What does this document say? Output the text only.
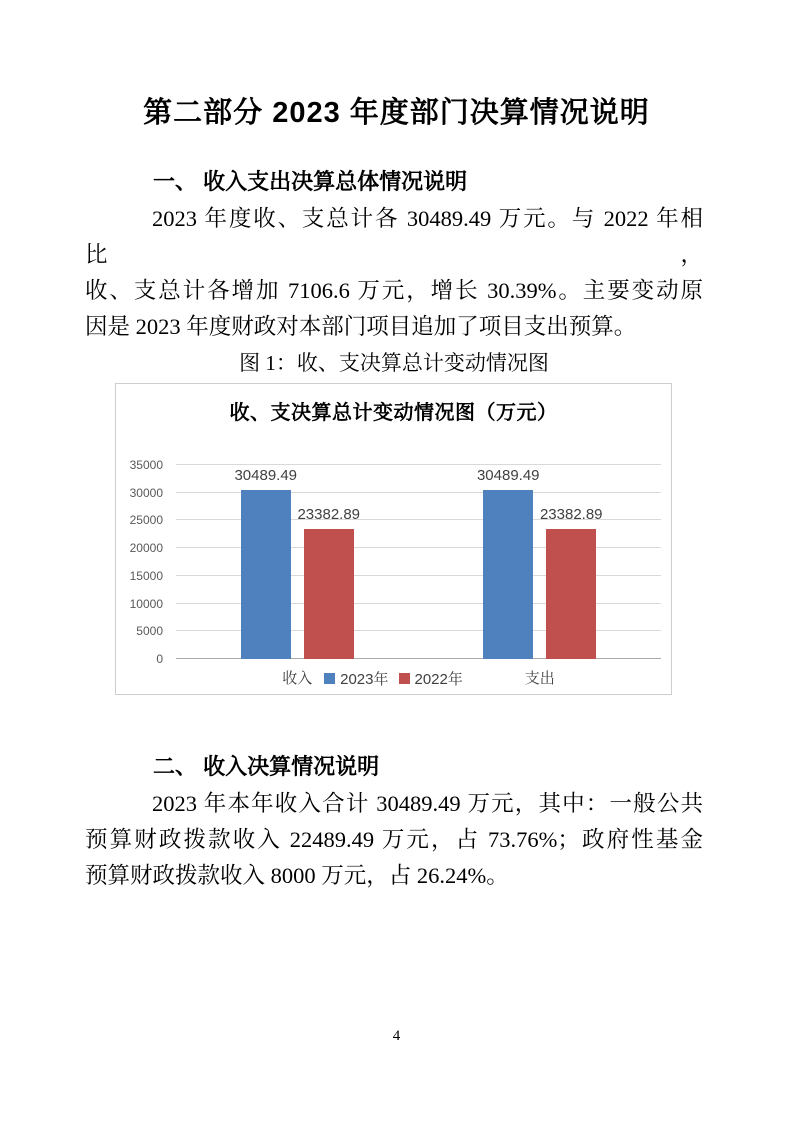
第二部分 2023 年度部门决算情况说明
一、 收入支出决算总体情况说明
2023 年度收、支总计各 30489.49 万元。与 2022 年相比，
收、支总计各增加 7106.6 万元，增长 30.39%。主要变动原
因是 2023 年度财政对本部门项目追加了项目支出预算。
图 1：收、支决算总计变动情况图
收、支决算总计变动情况图（万元）
0
5000
10000
15000
20000
25000
30000
35000
30489.49
23382.89
30489.49
23382.89
收入	支出
2023年	2022年
二、 收入决算情况说明
2023 年本年收入合计 30489.49 万元，其中：一般公共
预算财政拨款收入 22489.49 万元，占 73.76%；政府性基金
预算财政拨款收入 8000 万元，占 26.24%。
4
